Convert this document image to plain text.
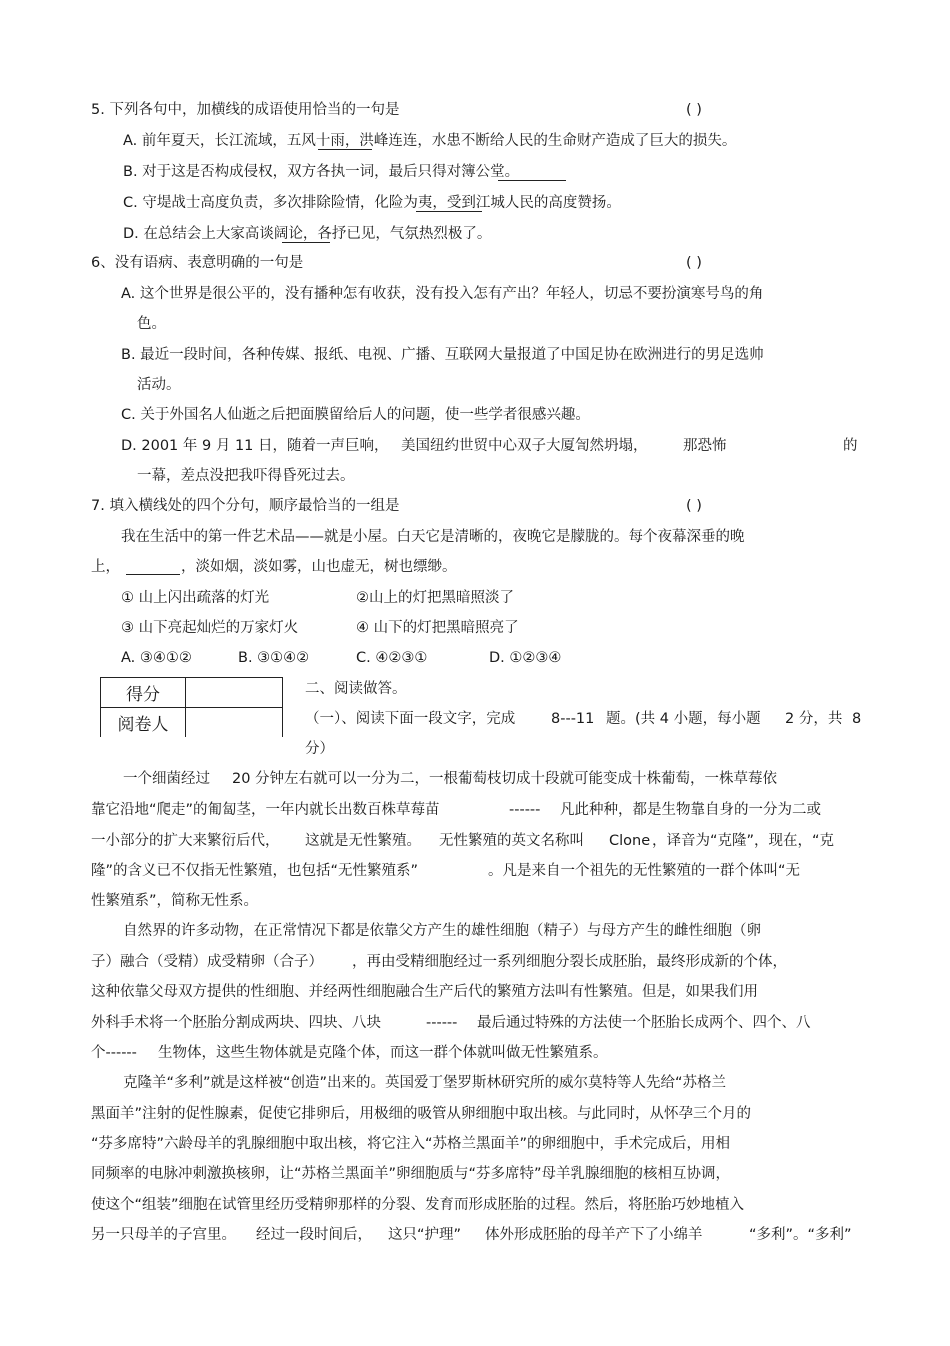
5. 下列各句中，加横线的成语使用恰当的一句是	( )
A. 前年夏天，长江流域，五风十雨，洪峰连连，水患不断给人民的生命财产造成了巨大的损失。
B. 对于这是否构成侵权，双方各执一词，最后只得对簿公堂。
C. 守堤战士高度负责，多次排除险情，化险为夷，受到江城人民的高度赞扬。
D. 在总结会上大家高谈阔论，各抒已见，气氛热烈极了。
6、没有语病、表意明确的一句是	( )
A. 这个世界是很公平的，没有播种怎有收获，没有投入怎有产出？年轻人，切忌不要扮演寒号鸟的角
色。
B. 最近一段时间，各种传媒、报纸、电视、广播、互联网大量报道了中国足协在欧洲进行的男足选帅
活动。
C. 关于外国名人仙逝之后把面膜留给后人的问题，使一些学者很感兴趣。
D. 2001 年 9 月 11 日，随着一声巨响， 美国纽约世贸中心双子大厦訇然坍塌， 那恐怖	的
一幕，差点没把我吓得昏死过去。
7. 填入横线处的四个分句，顺序最恰当的一组是	( )
我在生活中的第一件艺术品——就是小屋。白天它是清晰的，夜晚它是朦胧的。每个夜幕深垂的晚
上，	，淡如烟，淡如雾，山也虚无，树也缥缈。
① 山上闪出疏落的灯光	②山上的灯把黑暗照淡了
③ 山下亮起灿烂的万家灯火	④ 山下的灯把黑暗照亮了
A. ③④①②	B. ③①④②	C. ④②③①	D. ①②③④
得分	
阅卷人	
二、阅读做答。
（一）、阅读下面一段文字，完成 8---11 题。(共 4 小题，每小题 2 分，共 8
分）
一个细菌经过 20 分钟左右就可以一分为二，一根葡萄枝切成十段就可能变成十株葡萄，一株草莓依
靠它沿地“爬走”的匍匐茎，一年内就长出数百株草莓苗	------ 凡此种种，都是生物靠自身的一分为二或
一小部分的扩大来繁衍后代， 这就是无性繁殖。 无性繁殖的英文名称叫 Clone ，译音为“克隆”，现在，“克
隆”的含义已不仅指无性繁殖，也包括“无性繁殖系”	。凡是来自一个祖先的无性繁殖的一群个体叫“无
性繁殖系”，简称无性系。
自然界的许多动物，在正常情况下都是依靠父方产生的雄性细胞（精子）与母方产生的雌性细胞（卵
子）融合（受精）成受精卵（合子） ，再由受精细胞经过一系列细胞分裂长成胚胎，最终形成新的个体，
这种依靠父母双方提供的性细胞、并经两性细胞融合生产后代的繁殖方法叫有性繁殖。但是，如果我们用
外科手术将一个胚胎分割成两块、四块、八块	------ 最后通过特殊的方法使一个胚胎长成两个、四个、八
个------ 生物体，这些生物体就是克隆个体，而这一群个体就叫做无性繁殖系。
克隆羊“多利”就是这样被“创造”出来的。英国爱丁堡罗斯林研究所的威尔莫特等人先给“苏格兰
黑面羊”注射的促性腺素，促使它排卵后，用极细的吸管从卵细胞中取出核。与此同时，从怀孕三个月的
“芬多席特”六龄母羊的乳腺细胞中取出核，将它注入“苏格兰黑面羊”的卵细胞中，手术完成后，用相
同频率的电脉冲刺激换核卵，让“苏格兰黑面羊”卵细胞质与“芬多席特”母羊乳腺细胞的核相互协调，
使这个“组装”细胞在试管里经历受精卵那样的分裂、发育而形成胚胎的过程。然后，将胚胎巧妙地植入
另一只母羊的子宫里。 经过一段时间后， 这只“护理” 体外形成胚胎的母羊产下了小绵羊	“多利”。“多利”
